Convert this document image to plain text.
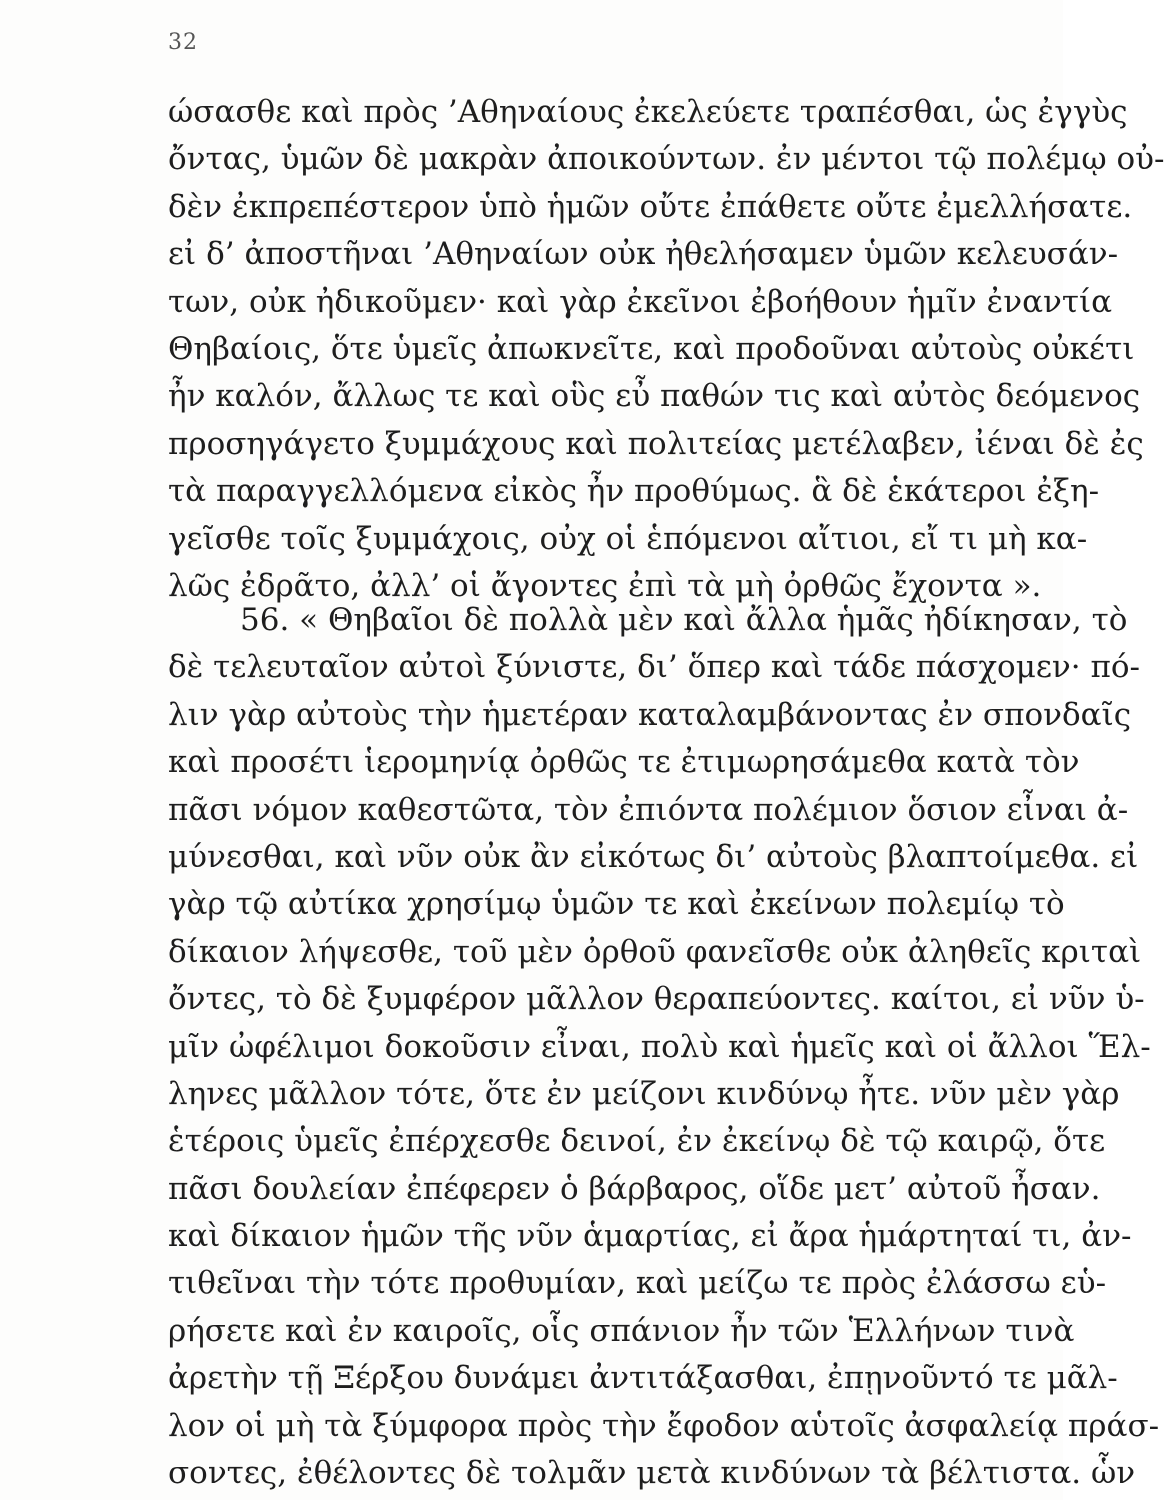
32
ώσασθε καὶ πρὸς ’Αθηναίους ἐκελεύετε τραπέσθαι, ὡς ἐγγὺς
ὄντας, ὑμῶν δὲ μακρὰν ἀποικούντων. ἐν μέντοι τῷ πολέμῳ οὐ-
δὲν ἐκπρεπέστερον ὑπὸ ἡμῶν οὔτε ἐπάθετε οὔτε ἐμελλήσατε.
εἰ δ’ ἀποστῆναι ’Αθηναίων οὐκ ἠθελήσαμεν ὑμῶν κελευσάν-
των, οὐκ ἠδικοῦμεν· καὶ γὰρ ἐκεῖνοι ἐβοήθουν ἡμῖν ἐναντία
Θηβαίοις, ὅτε ὑμεῖς ἀπωκνεῖτε, καὶ προδοῦναι αὐτοὺς οὐκέτι
ἦν καλόν, ἄλλως τε καὶ οὓς εὖ παθών τις καὶ αὐτὸς δεόμενος
προσηγάγετο ξυμμάχους καὶ πολιτείας μετέλαβεν, ἰέναι δὲ ἐς
τὰ παραγγελλόμενα εἰκὸς ἦν προθύμως. ἃ δὲ ἑκάτεροι ἐξη-
γεῖσθε τοῖς ξυμμάχοις, οὐχ οἱ ἑπόμενοι αἴτιοι, εἴ τι μὴ κα-
λῶς ἐδρᾶτο, ἀλλ’ οἱ ἄγοντες ἐπὶ τὰ μὴ ὀρθῶς ἔχοντα ».
56. « Θηβαῖοι δὲ πολλὰ μὲν καὶ ἄλλα ἡμᾶς ἠδίκησαν, τὸ
δὲ τελευταῖον αὐτοὶ ξύνιστε, δι’ ὅπερ καὶ τάδε πάσχομεν· πό-
λιν γὰρ αὐτοὺς τὴν ἡμετέραν καταλαμβάνοντας ἐν σπονδαῖς
καὶ προσέτι ἱερομηνίᾳ ὀρθῶς τε ἐτιμωρησάμεθα κατὰ τὸν
πᾶσι νόμον καθεστῶτα, τὸν ἐπιόντα πολέμιον ὅσιον εἶναι ἀ-
μύνεσθαι, καὶ νῦν οὐκ ἂν εἰκότως δι’ αὐτοὺς βλαπτοίμεθα. εἰ
γὰρ τῷ αὐτίκα χρησίμῳ ὑμῶν τε καὶ ἐκείνων πολεμίῳ τὸ
δίκαιον λήψεσθε, τοῦ μὲν ὀρθοῦ φανεῖσθε οὐκ ἀληθεῖς κριταὶ
ὄντες, τὸ δὲ ξυμφέρον μᾶλλον θεραπεύοντες. καίτοι, εἰ νῦν ὑ-
μῖν ὠφέλιμοι δοκοῦσιν εἶναι, πολὺ καὶ ἡμεῖς καὶ οἱ ἄλλοι Ἕλ-
ληνες μᾶλλον τότε, ὅτε ἐν μείζονι κινδύνῳ ἦτε. νῦν μὲν γὰρ
ἑτέροις ὑμεῖς ἐπέρχεσθε δεινοί, ἐν ἐκείνῳ δὲ τῷ καιρῷ, ὅτε
πᾶσι δουλείαν ἐπέφερεν ὁ βάρβαρος, οἵδε μετ’ αὐτοῦ ἦσαν.
καὶ δίκαιον ἡμῶν τῆς νῦν ἁμαρτίας, εἰ ἄρα ἡμάρτηταί τι, ἀν-
τιθεῖναι τὴν τότε προθυμίαν, καὶ μείζω τε πρὸς ἐλάσσω εὑ-
ρήσετε καὶ ἐν καιροῖς, οἷς σπάνιον ἦν τῶν Ἑλλήνων τινὰ
ἀρετὴν τῇ Ξέρξου δυνάμει ἀντιτάξασθαι, ἐπῃνοῦντό τε μᾶλ-
λον οἱ μὴ τὰ ξύμφορα πρὸς τὴν ἔφοδον αὑτοῖς ἀσφαλείᾳ πράσ-
σοντες, ἐθέλοντες δὲ τολμᾶν μετὰ κινδύνων τὰ βέλτιστα. ὧν
